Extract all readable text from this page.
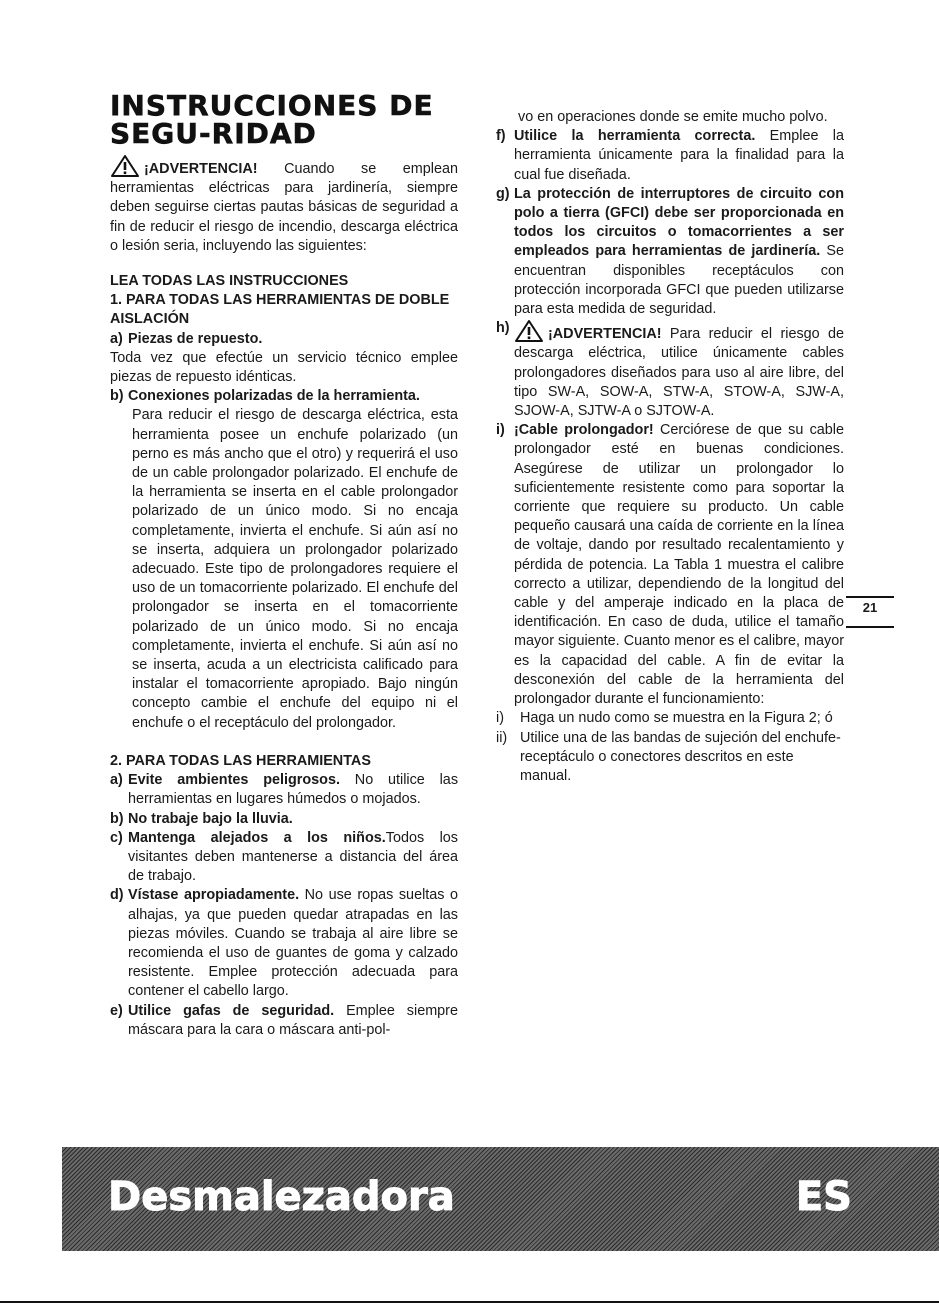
INSTRUCCIONES DE SEGU-RIDAD

¡ADVERTENCIA! Cuando se emplean herramientas eléctricas para jardinería, siempre deben seguirse ciertas pautas básicas de seguridad a fin de reducir el riesgo de incendio, descarga eléctrica o lesión seria, incluyendo las siguientes:

LEA TODAS LAS INSTRUCCIONES

1. PARA TODAS LAS HERRAMIENTAS DE DOBLE AISLACIÓN

a) Piezas de repuesto.

Toda vez que efectúe un servicio técnico emplee piezas de repuesto idénticas.

b) Conexiones polarizadas de la herramienta.

Para reducir el riesgo de descarga eléctrica, esta herramienta posee un enchufe polarizado (un perno es más ancho que el otro) y requerirá el uso de un cable prolongador polarizado. El enchufe de la herramienta se inserta en el cable prolongador polarizado de un único modo. Si no encaja completamente, invierta el enchufe. Si aún así no se inserta, adquiera un prolongador polarizado adecuado. Este tipo de prolongadores requiere el uso de un tomacorriente polarizado. El enchufe del prolongador se inserta en el tomacorriente polarizado de un único modo. Si no encaja completamente, invierta el enchufe. Si aún así no se inserta, acuda a un electricista calificado para instalar el tomacorriente apropiado. Bajo ningún concepto cambie el enchufe del equipo ni el enchufe o el receptáculo del prolongador.

2. PARA TODAS LAS HERRAMIENTAS

a) Evite ambientes peligrosos. No utilice las herramientas en lugares húmedos o mojados.
b) No trabaje bajo la lluvia.
c) Mantenga alejados a los niños.Todos los visitantes deben mantenerse a distancia del área de trabajo.
d) Vístase apropiadamente. No use ropas sueltas o alhajas, ya que pueden quedar atrapadas en las piezas móviles. Cuando se trabaja al aire libre se recomienda el uso de guantes de goma y calzado resistente. Emplee protección adecuada para contener el cabello largo.
e) Utilice gafas de seguridad. Emplee siempre máscara para la cara o máscara anti-pol-

vo en operaciones donde se emite mucho polvo.

f) Utilice la herramienta correcta. Emplee la herramienta únicamente para la finalidad para la cual fue diseñada.
g) La protección de interruptores de circuito con polo a tierra (GFCI) debe ser proporcionada en todos los circuitos o tomacorrientes a ser empleados para herramientas de jardinería. Se encuentran disponibles receptáculos con protección incorporada GFCI que pueden utilizarse para esta medida de seguridad.
h)	¡ADVERTENCIA! Para reducir el riesgo de descarga eléctrica, utilice únicamente cables prolongadores diseñados para uso al aire libre, del tipo SW-A, SOW-A, STW-A, STOW-A, SJW-A, SJOW-A, SJTW-A o SJTOW-A.
i) ¡Cable prolongador! Cerciórese de que su cable prolongador esté en buenas condiciones. Asegúrese de utilizar un prolongador lo suficientemente resistente como para soportar la corriente que requiere su producto. Un cable pequeño causará una caída de corriente en la línea de voltaje, dando por resultado recalentamiento y pérdida de potencia. La Tabla 1 muestra el calibre correcto a utilizar, dependiendo de la longitud del cable y del amperaje indicado en la placa de identificación. En caso de duda, utilice el tamaño mayor siguiente. Cuanto menor es el calibre, mayor es la capacidad del cable. A fin de evitar la desconexión del cable de la herramienta del prolongador durante el funcionamiento:
i)	Haga un nudo como se muestra en la Figura 2; ó
ii) Utilice una de las bandas de sujeción del enchufe-receptáculo o conectores descritos en este manual.
21
Desmalezadora	ES
